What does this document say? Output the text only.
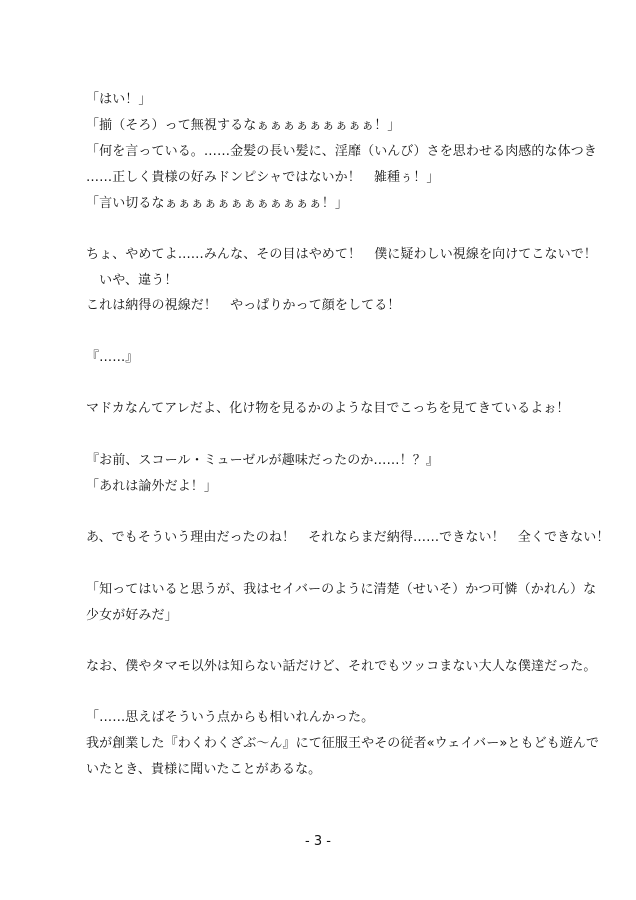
「はい！」
「揃（そろ）って無視するなぁぁぁぁぁぁぁぁぁ！」
「何を言っている。……金髪の長い髪に、淫靡（いんび）さを思わせる肉感的な体つき
……正しく貴様の好みドンピシャではないか！　雑種ぅ！」
「言い切るなぁぁぁぁぁぁぁぁぁぁぁぁ！」
ちょ、やめてよ……みんな、その目はやめて！　僕に疑わしい視線を向けてこないで！
　いや、違う！
これは納得の視線だ！　やっぱりかって顔をしてる！
『……』
マドカなんてアレだよ、化け物を見るかのような目でこっちを見てきているよぉ！
『お前、スコール・ミューゼルが趣味だったのか……！？』
「あれは論外だよ！」
あ、でもそういう理由だったのね！　それならまだ納得……できない！　全くできない！
「知ってはいると思うが、我はセイバーのように清楚（せいそ）かつ可憐（かれん）な
少女が好みだ」
なお、僕やタマモ以外は知らない話だけど、それでもツッコまない大人な僕達だった。
「……思えばそういう点からも相いれんかった。
我が創業した『わくわくざぶ～ん』にて征服王やその従者«ウェイバー»ともども遊んで
いたとき、貴様に聞いたことがあるな。
- 3 -
